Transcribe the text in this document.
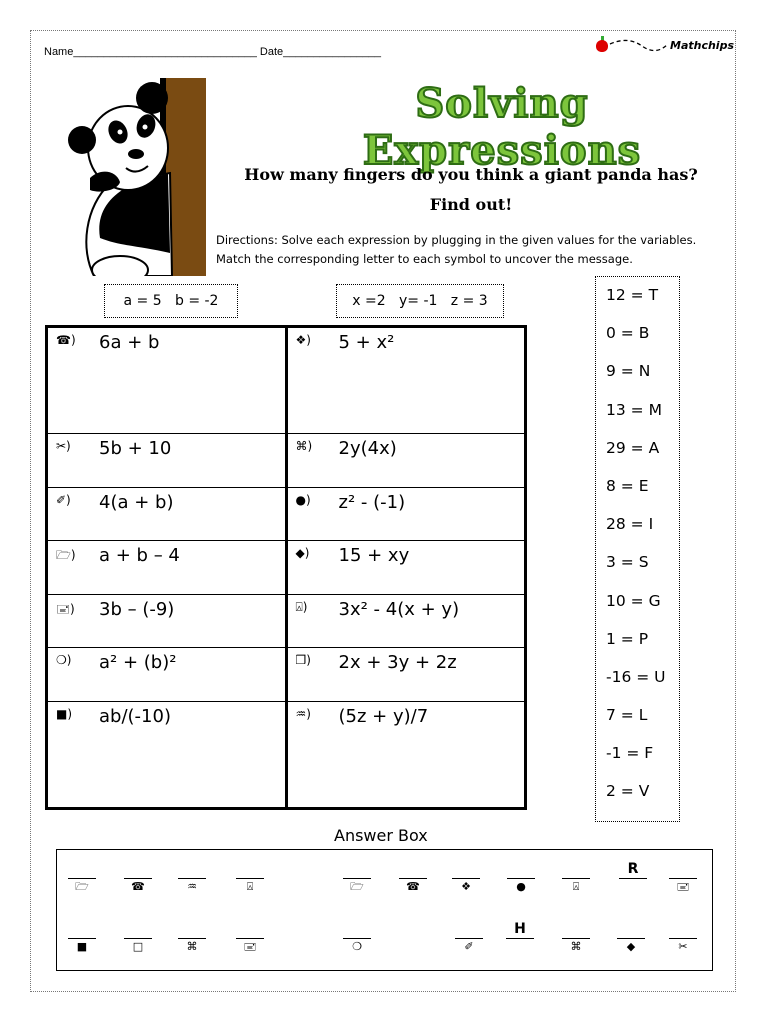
Name______________________________ Date________________	Mathchips
Solving Expressions
How many fingers do you think a giant panda has?
Find out!
Directions: Solve each expression by plugging in the given values for the variables.
Match the corresponding letter to each symbol to uncover the message.
a = 5   b = -2	x =2   y= -1   z = 3
☎) 6a + b	❖) 5 + x²

✂) 5b + 10	⌘) 2y(4x)

✐) 4(a + b)	●) z² - (-1)

🗁) a + b – 4	◆) 15 + xy

🖃) 3b – (-9)	⍓) 3x² - 4(x + y)

❍) a² + (b)²	❒) 2x + 3y + 2z

■) ab/(-10)	♒) (5z + y)/7
12 = T
0 = B
9 = N
13 = M
29 = A
8 = E
28 = I
3 = S
10 = G
1 = P
-16 = U
7 = L
-1 = F
2 = V
Answer Box
🗁	☎	♒	⍓	🗁	☎	❖	●	⍓
R
🖃
■	□	⌘	🖃	❍	✐
H
⌘	◆	✂
